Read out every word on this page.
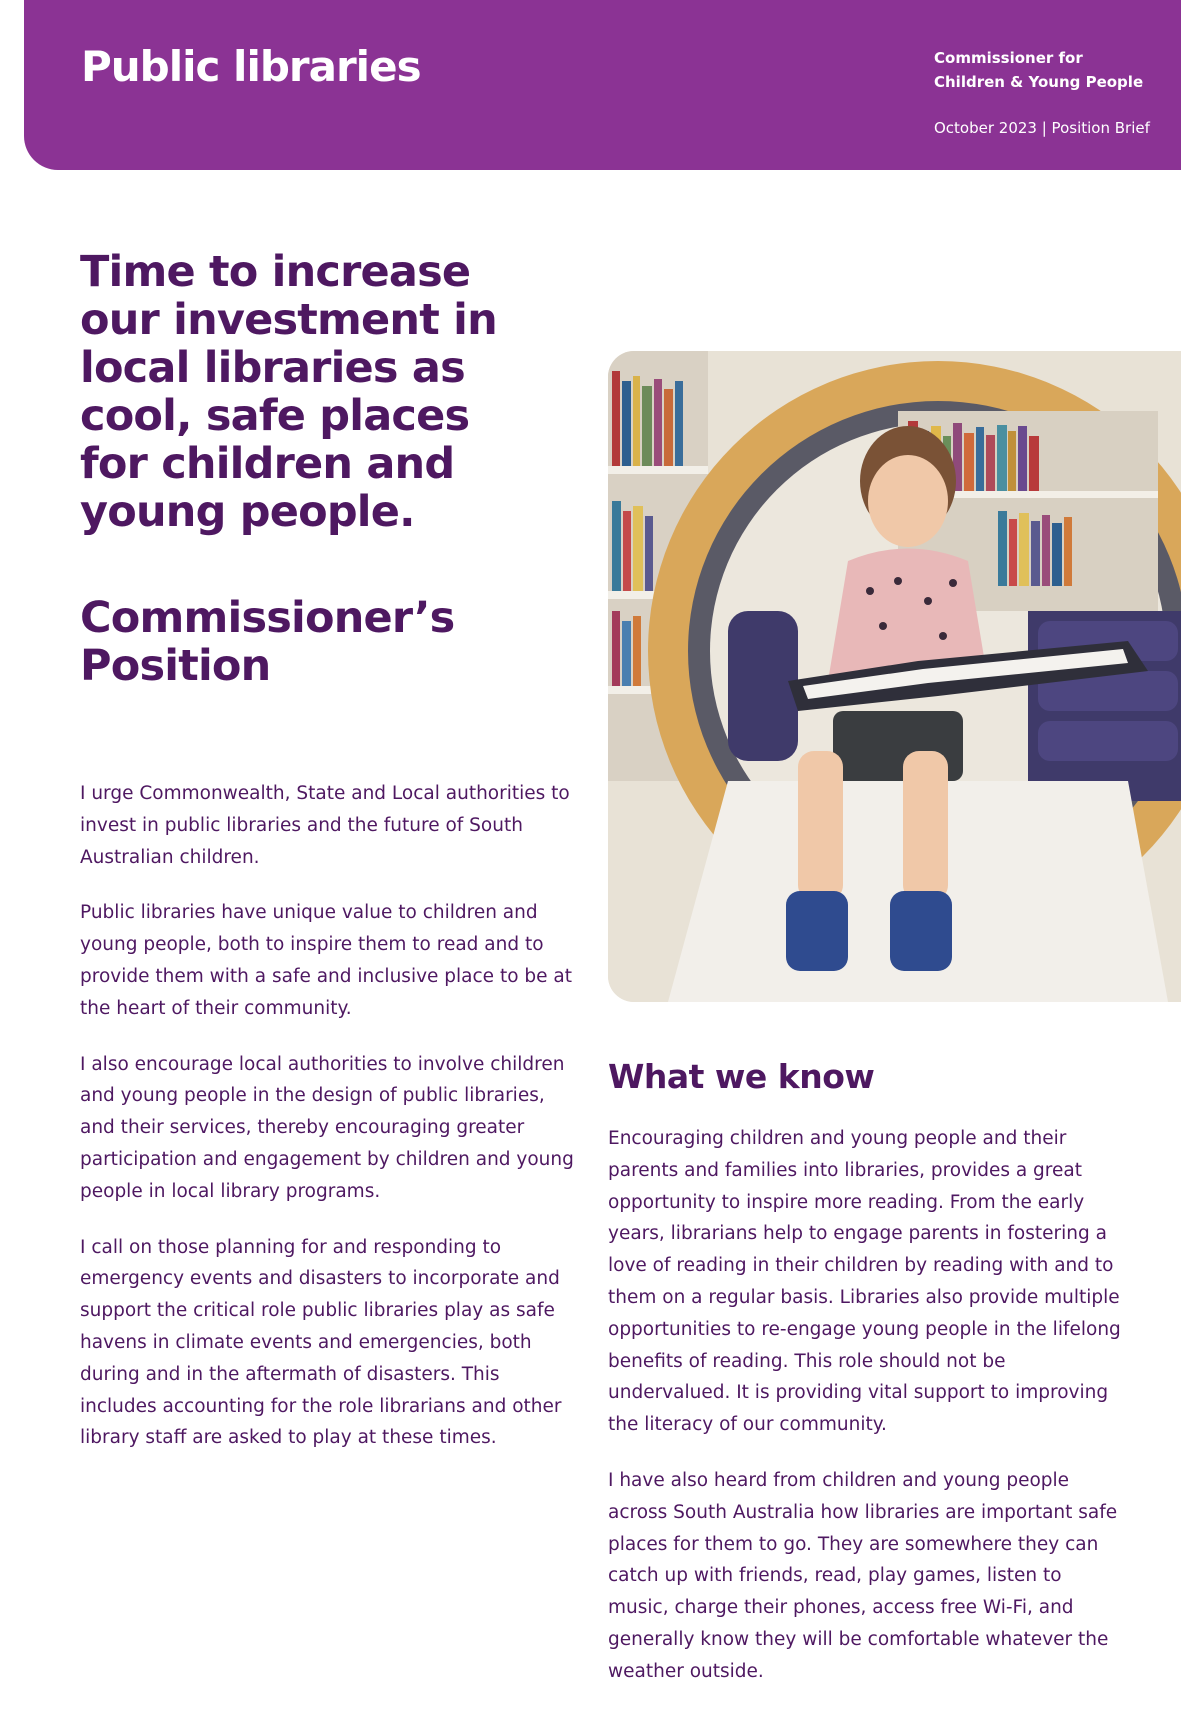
Public libraries	Commissioner for
Children & Young People
October 2023 | Position Brief
Time to increase our investment in local libraries as cool, safe places for children and young people.
Commissioner’s Position

I urge Commonwealth, State and Local authorities to invest in public libraries and the future of South Australian children.

Public libraries have unique value to children and young people, both to inspire them to read and to provide them with a safe and inclusive place to be at the heart of their community.

I also encourage local authorities to involve children and young people in the design of public libraries, and their services, thereby encouraging greater participation and engagement by children and young people in local library programs.

I call on those planning for and responding to emergency events and disasters to incorporate and support the critical role public libraries play as safe havens in climate events and emergencies, both during and in the aftermath of disasters. This includes accounting for the role librarians and other library staff are asked to play at these times.

What we know

Encouraging children and young people and their parents and families into libraries, provides a great opportunity to inspire more reading. From the early years, librarians help to engage parents in fostering a love of reading in their children by reading with and to them on a regular basis. Libraries also provide multiple opportunities to re-engage young people in the lifelong benefits of reading. This role should not be undervalued. It is providing vital support to improving the literacy of our community.

I have also heard from children and young people across South Australia how libraries are important safe places for them to go. They are somewhere they can catch up with friends, read, play games, listen to music, charge their phones, access free Wi-Fi, and generally know they will be comfortable whatever the weather outside.
